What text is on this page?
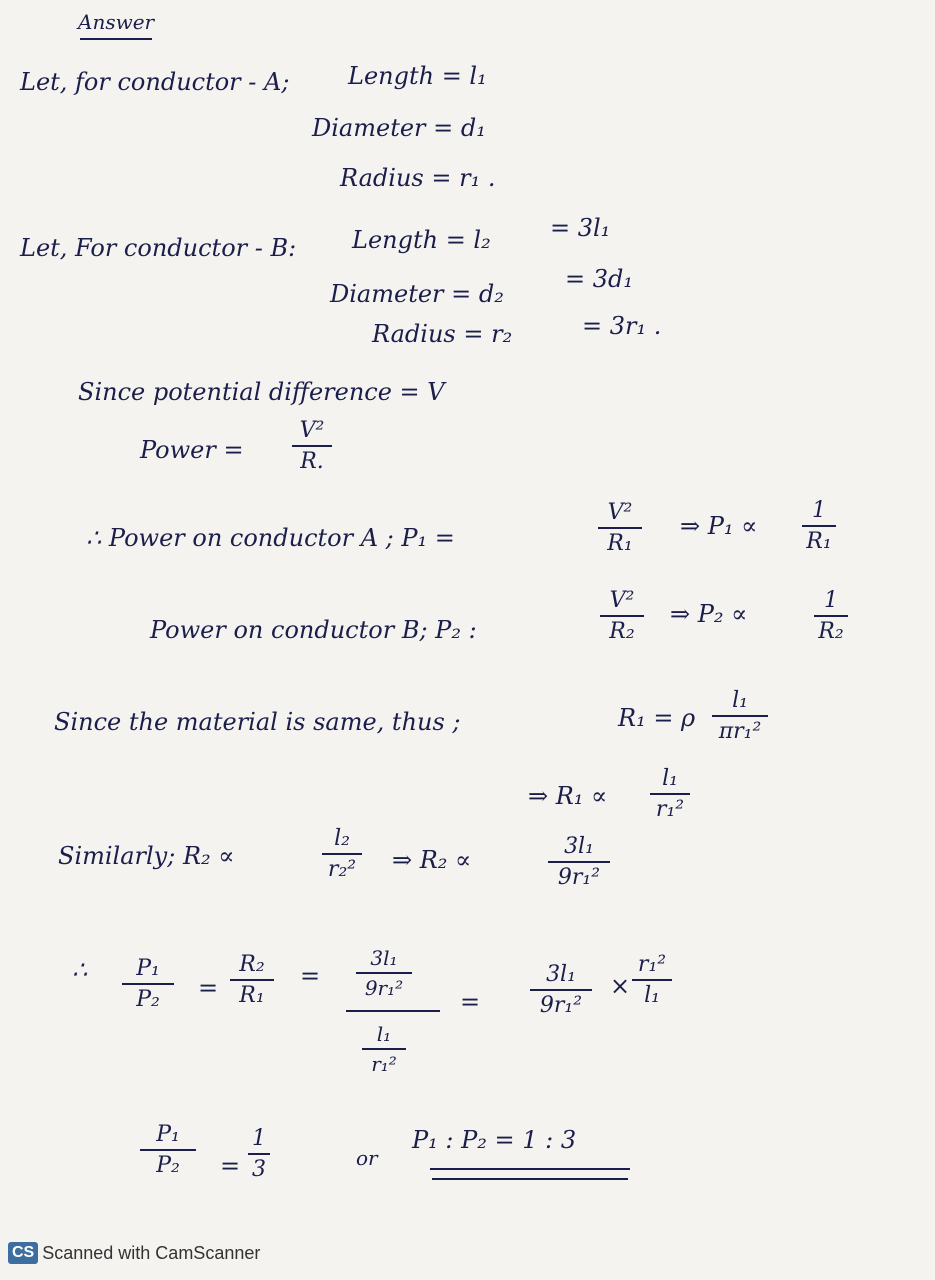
Answer
Let, for conductor - A; Length = l₁
Diameter = d₁
Radius = r₁ .
Let, For conductor - B: Length = l₂ = 3l₁
Diameter = d₂
= 3d₁
Radius = r₂	= 3r₁ .
Since potential difference = V
Power =
V²
R.
∴ Power on conductor A ; P₁ =
V²
R₁
⇒ P₁ ∝
1
R₁
Power on conductor B; P₂ :
V²
R₂
⇒ P₂ ∝	1
R₂
Since the material is same, thus ;	R₁ = ρ
l₁
πr₁²
⇒ R₁ ∝
l₁
r₁²
Similarly; R₂ ∝
l₂
r₂² ⇒ R₂ ∝	3l₁
9r₁²
∴	P₁
P₂	=
R₂
R₁
=
3l₁
9r₁²
l₁
r₁²
=
3l₁
9r₁²
×
r₁²
l₁
P₁
P₂	=
1
3	or
P₁ : P₂ = 1 : 3
CS Scanned with CamScanner
